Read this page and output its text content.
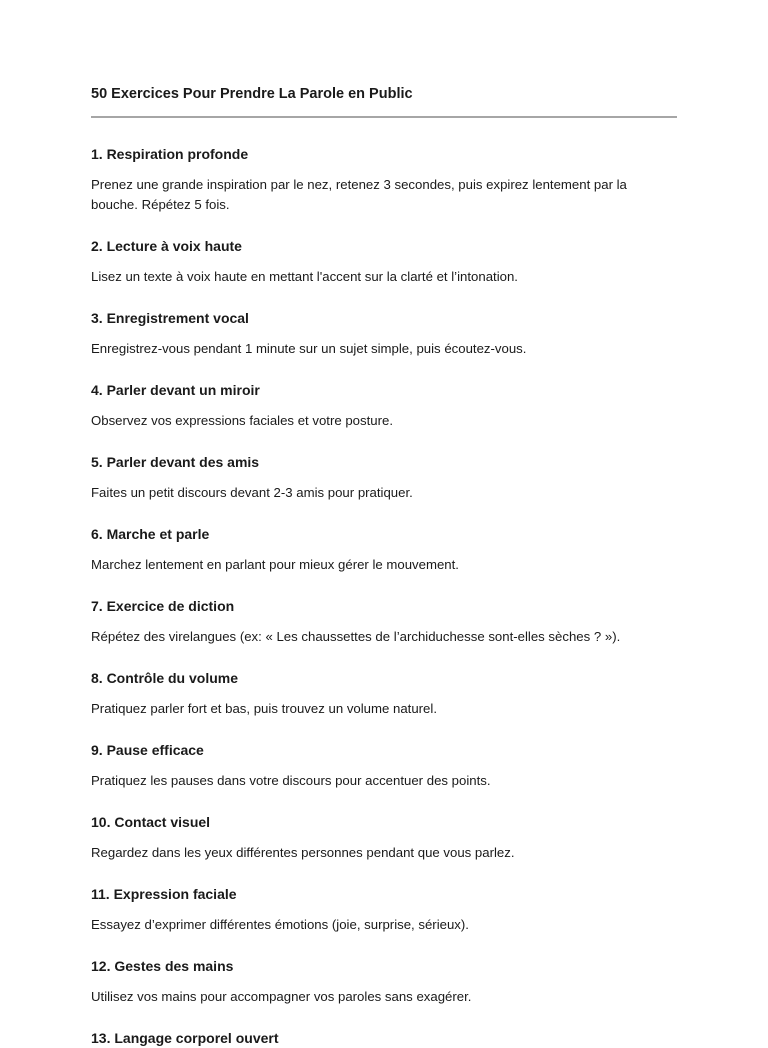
50 Exercices Pour Prendre La Parole en Public
1. Respiration profonde

Prenez une grande inspiration par le nez, retenez 3 secondes, puis expirez lentement par la bouche. Répétez 5 fois.

2. Lecture à voix haute

Lisez un texte à voix haute en mettant l'accent sur la clarté et l’intonation.

3. Enregistrement vocal

Enregistrez-vous pendant 1 minute sur un sujet simple, puis écoutez-vous.

4. Parler devant un miroir

Observez vos expressions faciales et votre posture.

5. Parler devant des amis

Faites un petit discours devant 2-3 amis pour pratiquer.

6. Marche et parle

Marchez lentement en parlant pour mieux gérer le mouvement.

7. Exercice de diction

Répétez des virelangues (ex: « Les chaussettes de l’archiduchesse sont-elles sèches ? »).

8. Contrôle du volume

Pratiquez parler fort et bas, puis trouvez un volume naturel.

9. Pause efficace

Pratiquez les pauses dans votre discours pour accentuer des points.

10. Contact visuel

Regardez dans les yeux différentes personnes pendant que vous parlez.

11. Expression faciale

Essayez d’exprimer différentes émotions (joie, surprise, sérieux).

12. Gestes des mains

Utilisez vos mains pour accompagner vos paroles sans exagérer.

13. Langage corporel ouvert
